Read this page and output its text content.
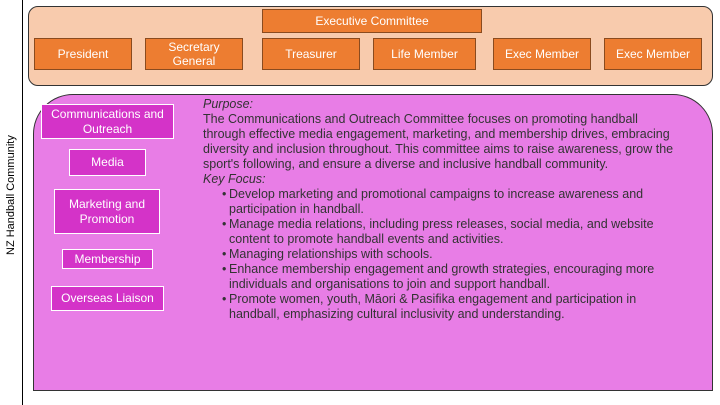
NZ Handball Community
Executive Committee
President	Secretary General	Treasurer	Life Member	Exec Member	Exec Member
Communications and Outreach
Media
Marketing and Promotion
Membership
Overseas Liaison
Purpose:
The Communications and Outreach Committee focuses on promoting handball through effective media engagement, marketing, and membership drives, embracing diversity and inclusion throughout. This committee aims to raise awareness, grow the sport's following, and ensure a diverse and inclusive handball community.
Key Focus:
• Develop marketing and promotional campaigns to increase awareness and participation in handball.
• Manage media relations, including press releases, social media, and website content to promote handball events and activities.
• Managing relationships with schools.
• Enhance membership engagement and growth strategies, encouraging more individuals and organisations to join and support handball.
• Promote women, youth, Māori & Pasifika engagement and participation in handball, emphasizing cultural inclusivity and understanding.
